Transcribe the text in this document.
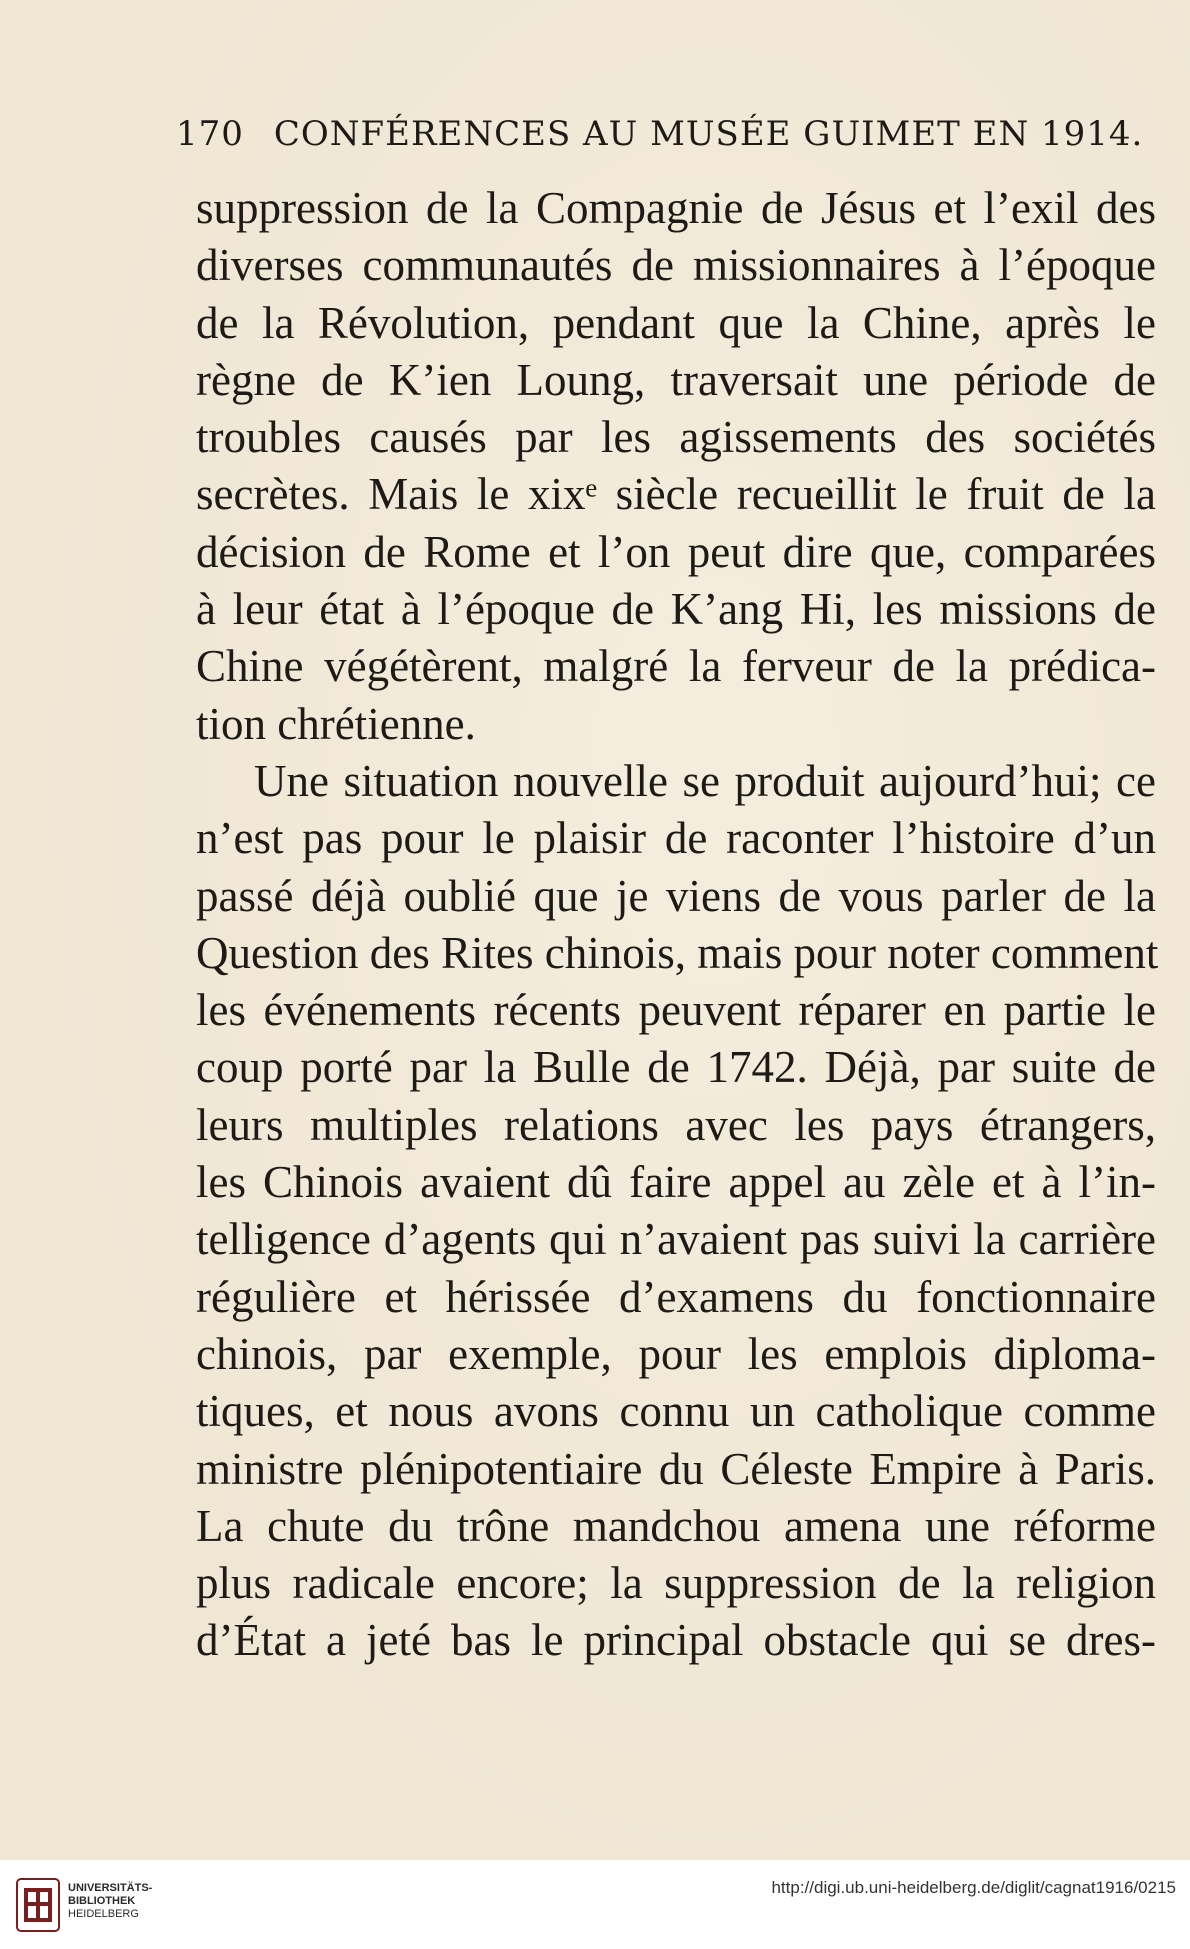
170 CONFÉRENCES AU MUSÉE GUIMET EN 1914.
suppression de la Compagnie de Jésus et l’exil des
diverses communautés de missionnaires à l’époque
de la Révolution, pendant que la Chine, après le
règne de K’ien Loung, traversait une période de
troubles causés par les agissements des sociétés
secrètes. Mais le xixᵉ siècle recueillit le fruit de la
décision de Rome et l’on peut dire que, comparées
à leur état à l’époque de K’ang Hi, les missions de
Chine végétèrent, malgré la ferveur de la prédica-
tion chrétienne.
Une situation nouvelle se produit aujourd’hui; ce
n’est pas pour le plaisir de raconter l’histoire d’un
passé déjà oublié que je viens de vous parler de la
Question des Rites chinois, mais pour noter comment
les événements récents peuvent réparer en partie le
coup porté par la Bulle de 1742. Déjà, par suite de
leurs multiples relations avec les pays étrangers,
les Chinois avaient dû faire appel au zèle et à l’in-
telligence d’agents qui n’avaient pas suivi la carrière
régulière et hérissée d’examens du fonctionnaire
chinois, par exemple, pour les emplois diploma-
tiques, et nous avons connu un catholique comme
ministre plénipotentiaire du Céleste Empire à Paris.
La chute du trône mandchou amena une réforme
plus radicale encore; la suppression de la religion
d’État a jeté bas le principal obstacle qui se dres-
UNIVERSITÄTS-
BIBLIOTHEK
HEIDELBERG
http://digi.ub.uni-heidelberg.de/diglit/cagnat1916/0215
